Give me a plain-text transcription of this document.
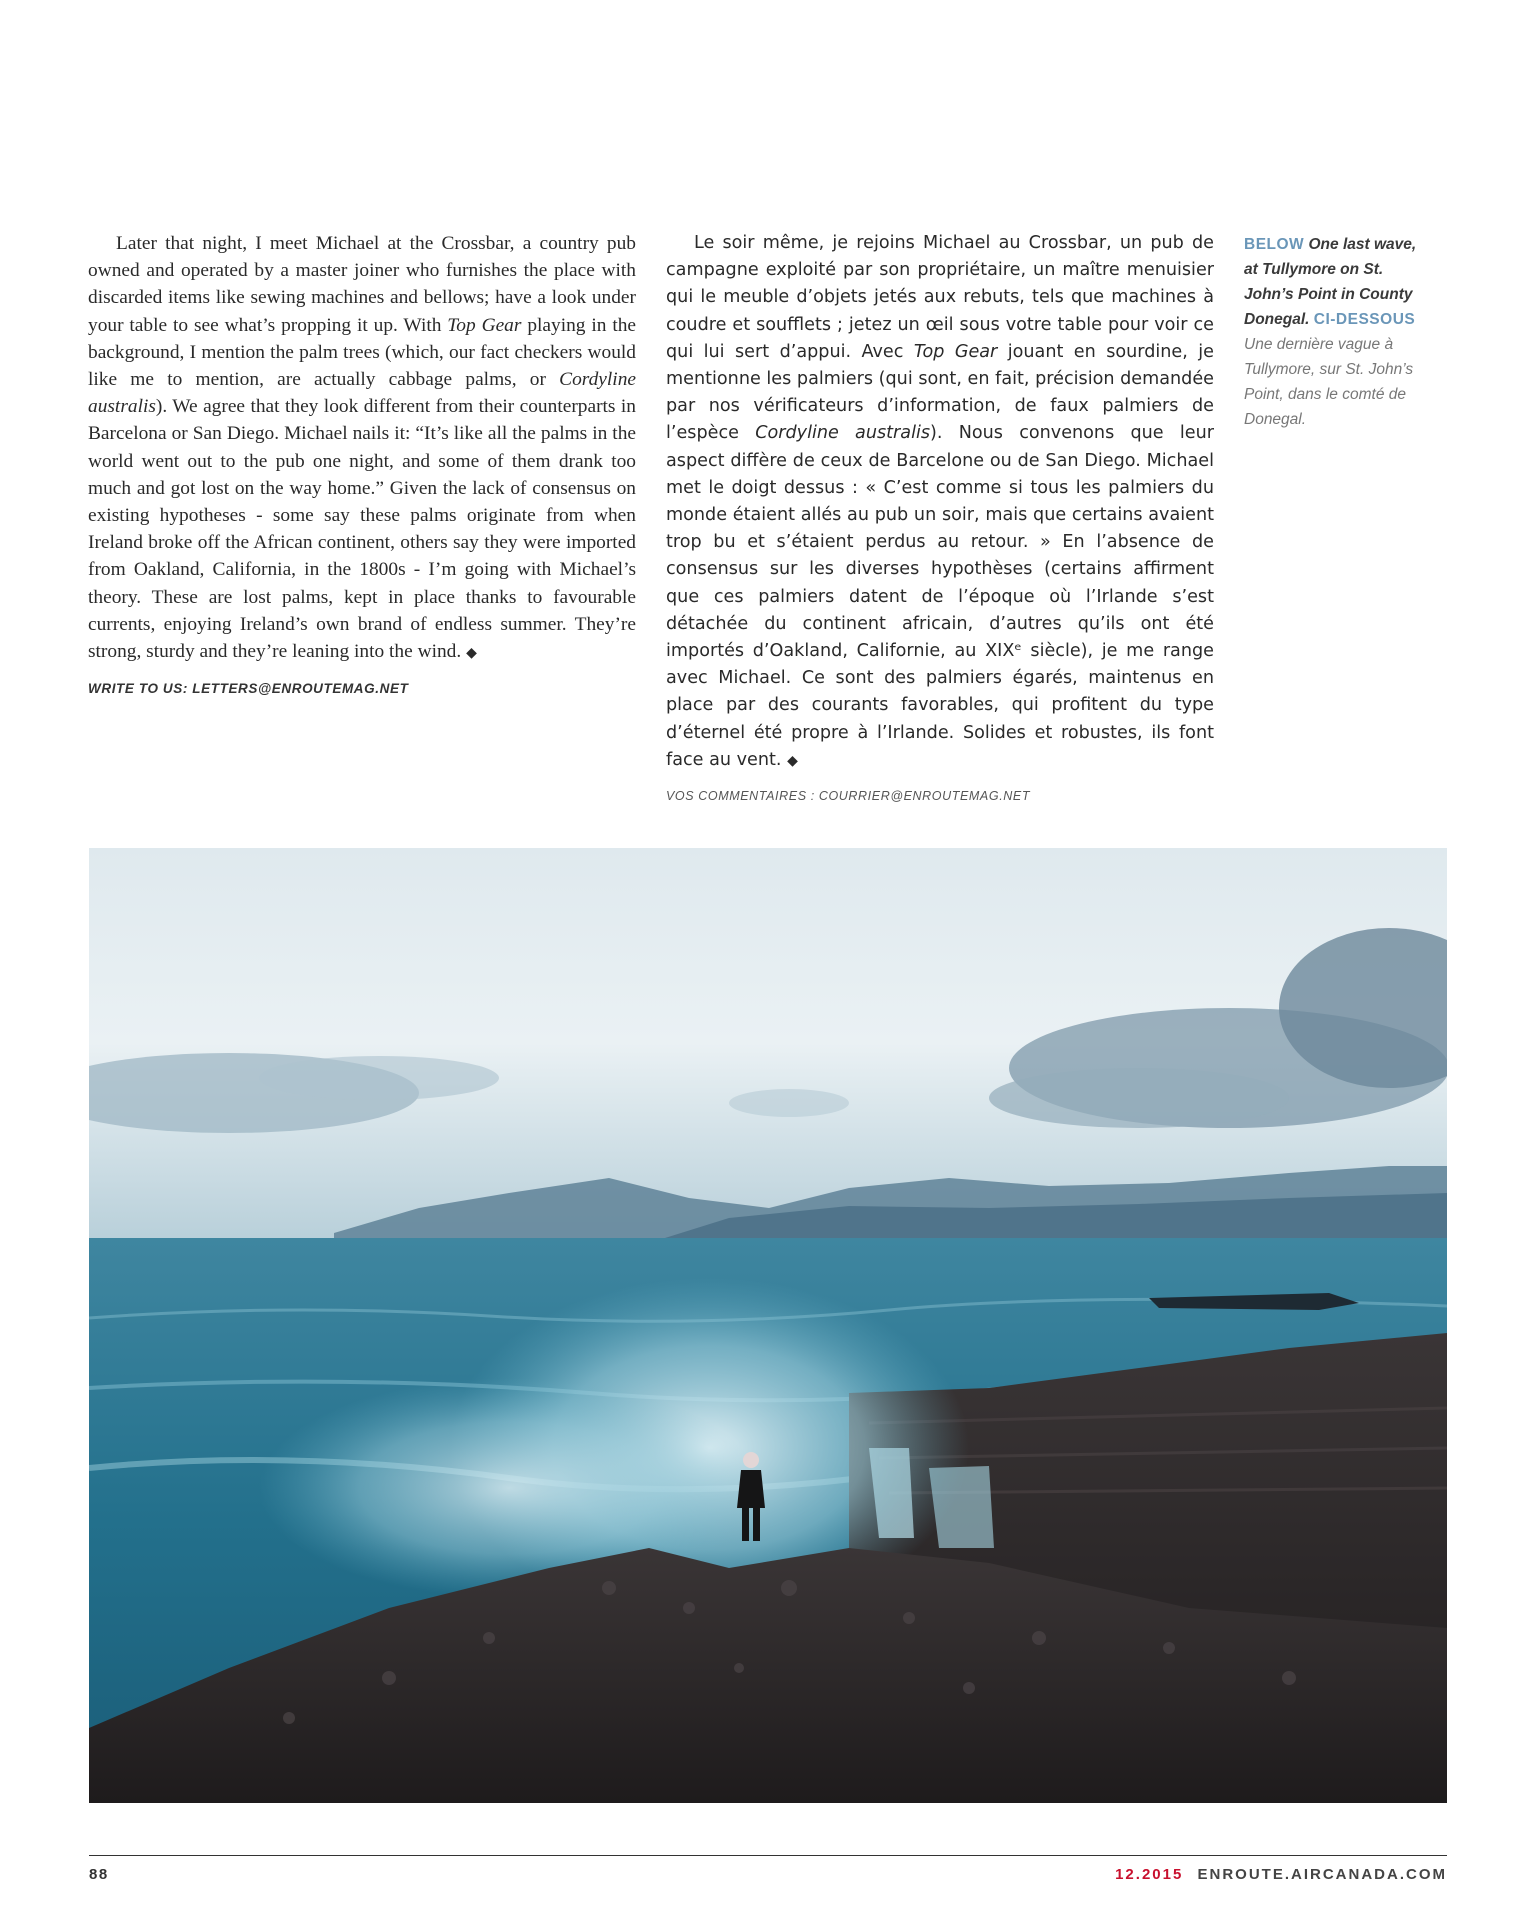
Later that night, I meet Michael at the Crossbar, a country pub owned and operated by a master joiner who furnishes the place with discarded items like sewing machines and bellows; have a look under your table to see what’s propping it up. With Top Gear playing in the background, I mention the palm trees (which, our fact checkers would like me to mention, are actually cabbage palms, or Cordyline australis). We agree that they look different from their counterparts in Barcelona or San Diego. Michael nails it: “It’s like all the palms in the world went out to the pub one night, and some of them drank too much and got lost on the way home.” Given the lack of consensus on existing hypotheses - some say these palms originate from when Ireland broke off the African continent, others say they were imported from Oakland, California, in the 1800s - I’m going with Michael’s theory. These are lost palms, kept in place thanks to favourable currents, enjoying Ireland’s own brand of endless summer. They’re strong, sturdy and they’re leaning into the wind. ◆

WRITE TO US: LETTERS@ENROUTEMAG.NET

Le soir même, je rejoins Michael au Crossbar, un pub de campagne exploité par son propriétaire, un maître menuisier qui le meuble d’objets jetés aux rebuts, tels que machines à coudre et soufflets ; jetez un œil sous votre table pour voir ce qui lui sert d’appui. Avec Top Gear jouant en sourdine, je mentionne les palmiers (qui sont, en fait, précision demandée par nos vérificateurs d’information, de faux palmiers de l’espèce Cordyline australis). Nous convenons que leur aspect diffère de ceux de Barcelone ou de San Diego. Michael met le doigt dessus : « C’est comme si tous les palmiers du monde étaient allés au pub un soir, mais que certains avaient trop bu et s’étaient perdus au retour. » En l’absence de consensus sur les diverses hypothèses (certains affirment que ces palmiers datent de l’époque où l’Irlande s’est détachée du continent africain, d’autres qu’ils ont été importés d’Oakland, Californie, au XIXᵉ siècle), je me range avec Michael. Ce sont des palmiers égarés, maintenus en place par des courants favorables, qui profitent du type d’éternel été propre à l’Irlande. Solides et robustes, ils font face au vent. ◆

VOS COMMENTAIRES : COURRIER@ENROUTEMAG.NET
BELOW One last wave, at Tullymore on St. John’s Point in County Donegal. CI-DESSOUS Une dernière vague à Tullymore, sur St. John’s Point, dans le comté de Donegal.
88	12.2015 ENROUTE.AIRCANADA.COM
